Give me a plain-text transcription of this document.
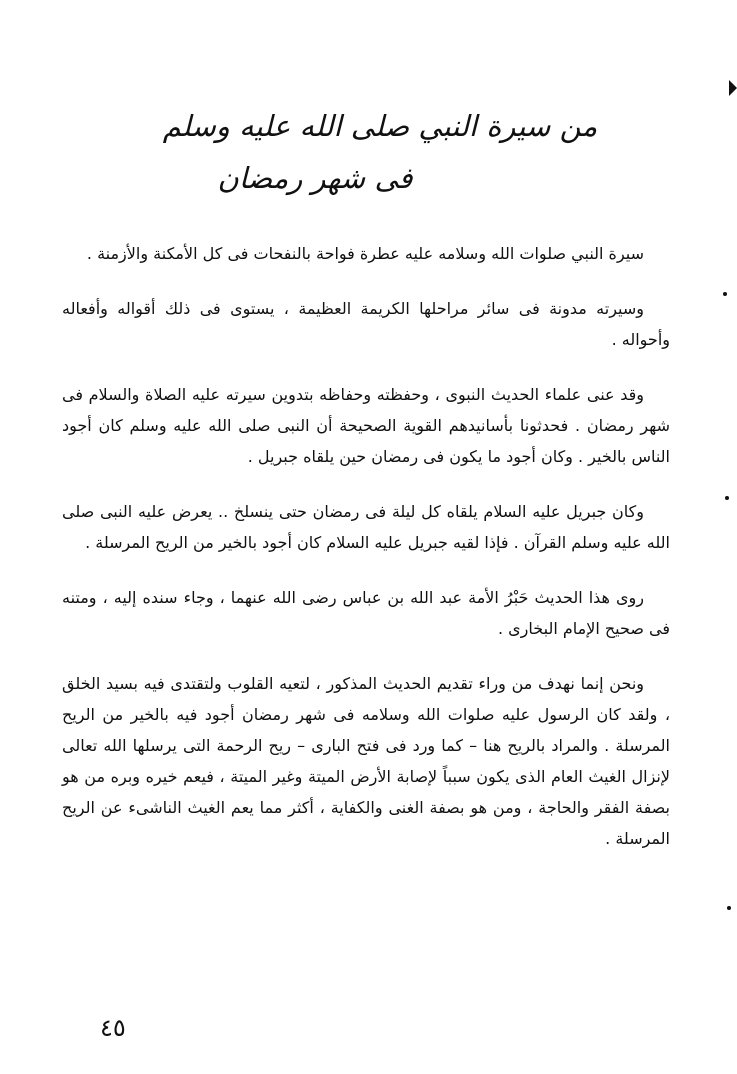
من سيرة النبي صلى الله عليه وسلم
فى شهر رمضان

سيرة النبي صلوات الله وسلامه عليه عطرة فواحة بالنفحات فى كل الأمكنة والأزمنة .

وسيرته مدونة فى سائر مراحلها الكريمة العظيمة ، يستوى فى ذلك أقواله وأفعاله وأحواله .

وقد عنى علماء الحديث النبوى ، وحفظته وحفاظه بتدوين سيرته عليه الصلاة والسلام فى شهر رمضان . فحدثونا بأسانيدهم القوية الصحيحة أن النبى صلى الله عليه وسلم كان أجود الناس بالخير . وكان أجود ما يكون فى رمضان حين يلقاه جبريل .

وكان جبريل عليه السلام يلقاه كل ليلة فى رمضان حتى ينسلخ .. يعرض عليه النبى صلى الله عليه وسلم القرآن . فإذا لقيه جبريل عليه السلام كان أجود بالخير من الريح المرسلة .

روى هذا الحديث حَبْرُ الأمة عبد الله بن عباس رضى الله عنهما ، وجاء سنده إليه ، ومتنه فى صحيح الإمام البخارى .

ونحن إنما نهدف من وراء تقديم الحديث المذكور ، لتعيه القلوب ولتقتدى فيه بسيد الخلق ، ولقد كان الرسول عليه صلوات الله وسلامه فى شهر رمضان أجود فيه بالخير من الريح المرسلة . والمراد بالريح هنا – كما ورد فى فتح البارى – ريح الرحمة التى يرسلها الله تعالى لإنزال الغيث العام الذى يكون سبباً لإصابة الأرض الميتة وغير الميتة ، فيعم خيره وبره من هو بصفة الفقر والحاجة ، ومن هو بصفة الغنى والكفاية ، أكثر مما يعم الغيث الناشىء عن الريح المرسلة .

٤٥
